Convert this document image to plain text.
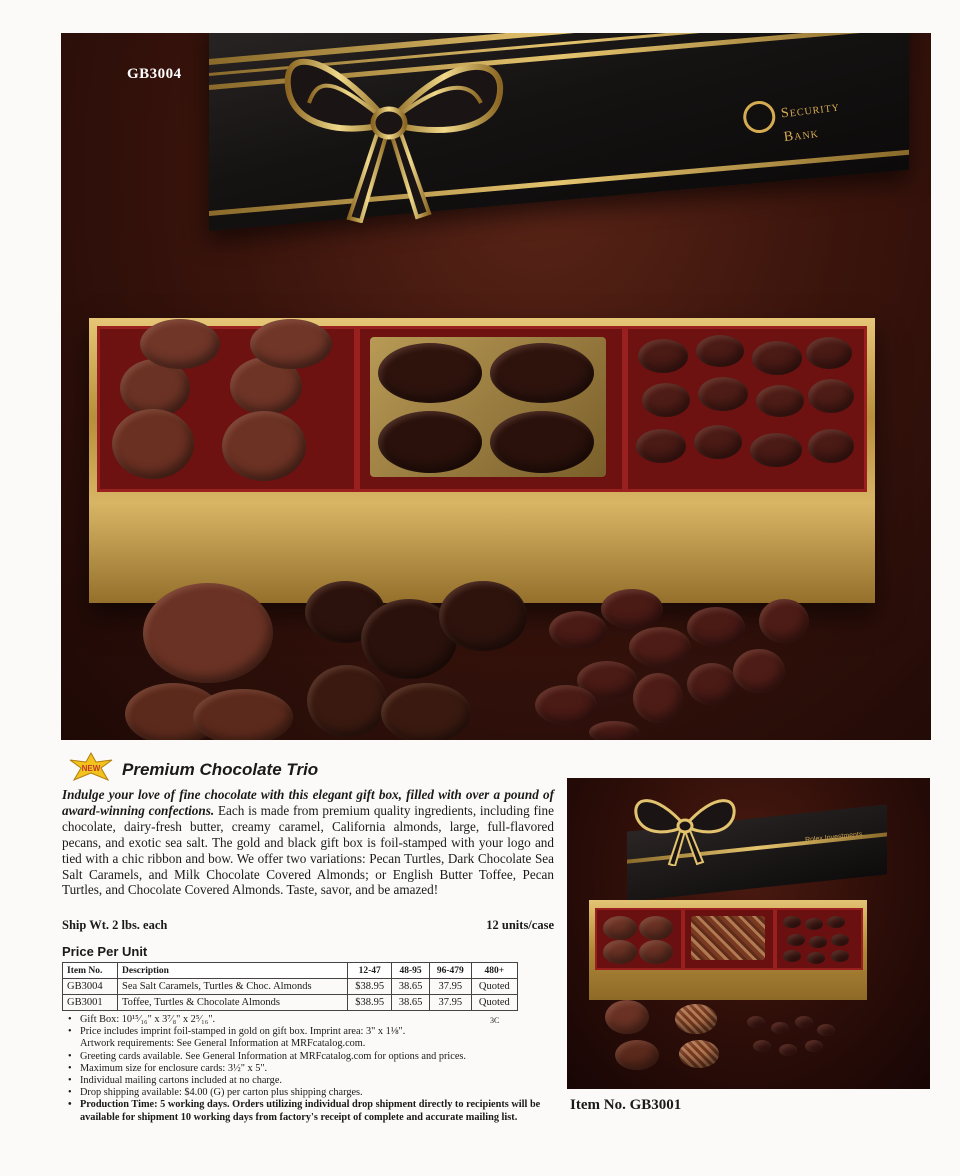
GB3004
Security
Bank
NEW Premium Chocolate Trio
Indulge your love of fine chocolate with this elegant gift box, filled with over a pound of award-winning confections. Each is made from premium quality ingredients, including fine chocolate, dairy-fresh butter, creamy caramel, California almonds, large, full-flavored pecans, and exotic sea salt. The gold and black gift box is foil-stamped with your logo and tied with a chic ribbon and bow. We offer two variations: Pecan Turtles, Dark Chocolate Sea Salt Caramels, and Milk Chocolate Covered Almonds; or English Butter Toffee, Pecan Turtles, and Chocolate Covered Almonds. Taste, savor, and be amazed!
Ship Wt. 2 lbs. each	12 units/case
Price Per Unit
Item No.	Description	12-47	48-95	96-479	480+
GB3004	Sea Salt Caramels, Turtles & Choc. Almonds	$38.95	38.65	37.95	Quoted
GB3001	Toffee, Turtles & Chocolate Almonds	$38.95	38.65	37.95	Quoted
3C
• Gift Box: 10¹⁵⁄₁₆" x 3⁷⁄₈" x 2⁵⁄₁₆".
• Price includes imprint foil-stamped in gold on gift box. Imprint area: 3" x 1⅛".
Artwork requirements: See General Information at MRFcatalog.com.
• Greeting cards available. See General Information at MRFcatalog.com for options and prices.
• Maximum size for enclosure cards: 3½" x 5".
• Individual mailing cartons included at no charge.
• Drop shipping available: $4.00 (G) per carton plus shipping charges.
• Production Time: 5 working days. Orders utilizing individual drop shipment directly to recipients will be available for shipment 10 working days from factory's receipt of complete and accurate mailing list.
Rolex Investments
Item No. GB3001
